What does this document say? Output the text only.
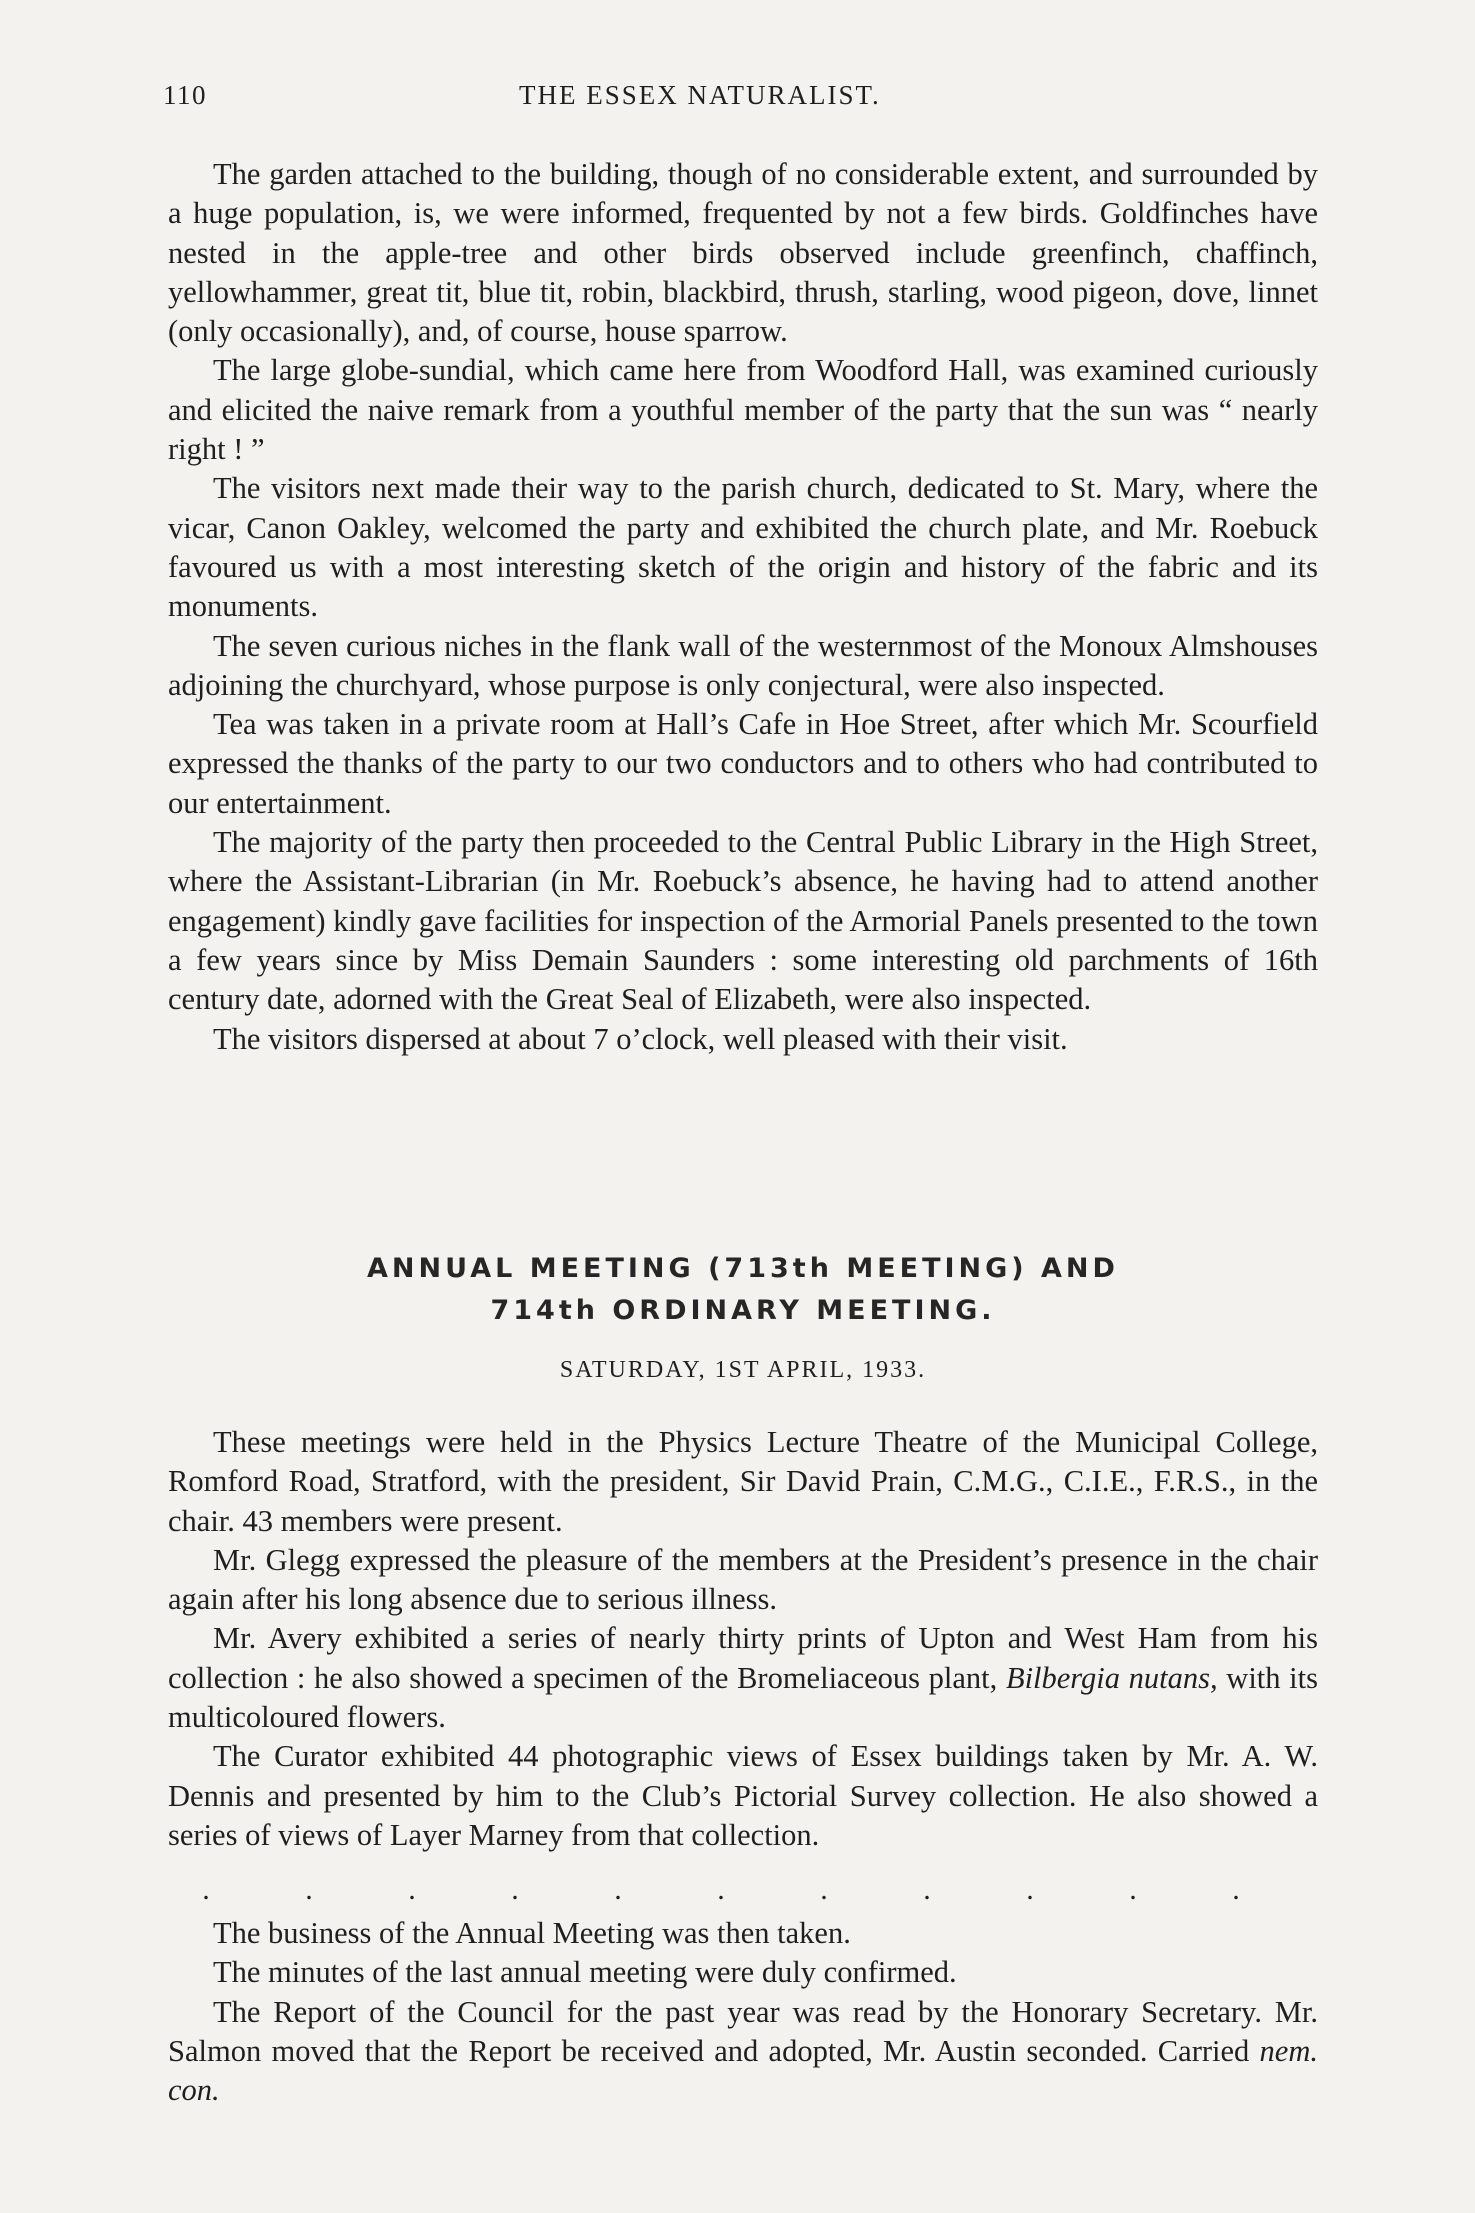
110	THE ESSEX NATURALIST.

The garden attached to the building, though of no considerable extent, and surrounded by a huge population, is, we were informed, frequented by not a few birds. Goldfinches have nested in the apple-tree and other birds observed include greenfinch, chaffinch, yellowhammer, great tit, blue tit, robin, blackbird, thrush, starling, wood pigeon, dove, linnet (only occasionally), and, of course, house sparrow.

The large globe-sundial, which came here from Woodford Hall, was examined curiously and elicited the naive remark from a youthful member of the party that the sun was “ nearly right ! ”

The visitors next made their way to the parish church, dedicated to St. Mary, where the vicar, Canon Oakley, welcomed the party and exhibited the church plate, and Mr. Roebuck favoured us with a most interesting sketch of the origin and history of the fabric and its monuments.

The seven curious niches in the flank wall of the westernmost of the Monoux Almshouses adjoining the churchyard, whose purpose is only conjectural, were also inspected.

Tea was taken in a private room at Hall’s Cafe in Hoe Street, after which Mr. Scourfield expressed the thanks of the party to our two conductors and to others who had contributed to our entertainment.

The majority of the party then proceeded to the Central Public Library in the High Street, where the Assistant-Librarian (in Mr. Roebuck’s absence, he having had to attend another engagement) kindly gave facilities for inspection of the Armorial Panels presented to the town a few years since by Miss Demain Saunders : some interesting old parchments of 16th century date, adorned with the Great Seal of Elizabeth, were also inspected.

The visitors dispersed at about 7 o’clock, well pleased with their visit.

ANNUAL MEETING (713th MEETING) AND
714th ORDINARY MEETING.
SATURDAY, 1ST APRIL, 1933.

These meetings were held in the Physics Lecture Theatre of the Municipal College, Romford Road, Stratford, with the president, Sir David Prain, C.M.G., C.I.E., F.R.S., in the chair. 43 members were present.

Mr. Glegg expressed the pleasure of the members at the President’s presence in the chair again after his long absence due to serious illness.

Mr. Avery exhibited a series of nearly thirty prints of Upton and West Ham from his collection : he also showed a specimen of the Bromeliaceous plant, Bilbergia nutans, with its multicoloured flowers.

The Curator exhibited 44 photographic views of Essex buildings taken by Mr. A. W. Dennis and presented by him to the Club’s Pictorial Survey collection. He also showed a series of views of Layer Marney from that collection.

. . . . . . . . . . .

The business of the Annual Meeting was then taken.

The minutes of the last annual meeting were duly confirmed.

The Report of the Council for the past year was read by the Honorary Secretary. Mr. Salmon moved that the Report be received and adopted, Mr. Austin seconded. Carried nem. con.
